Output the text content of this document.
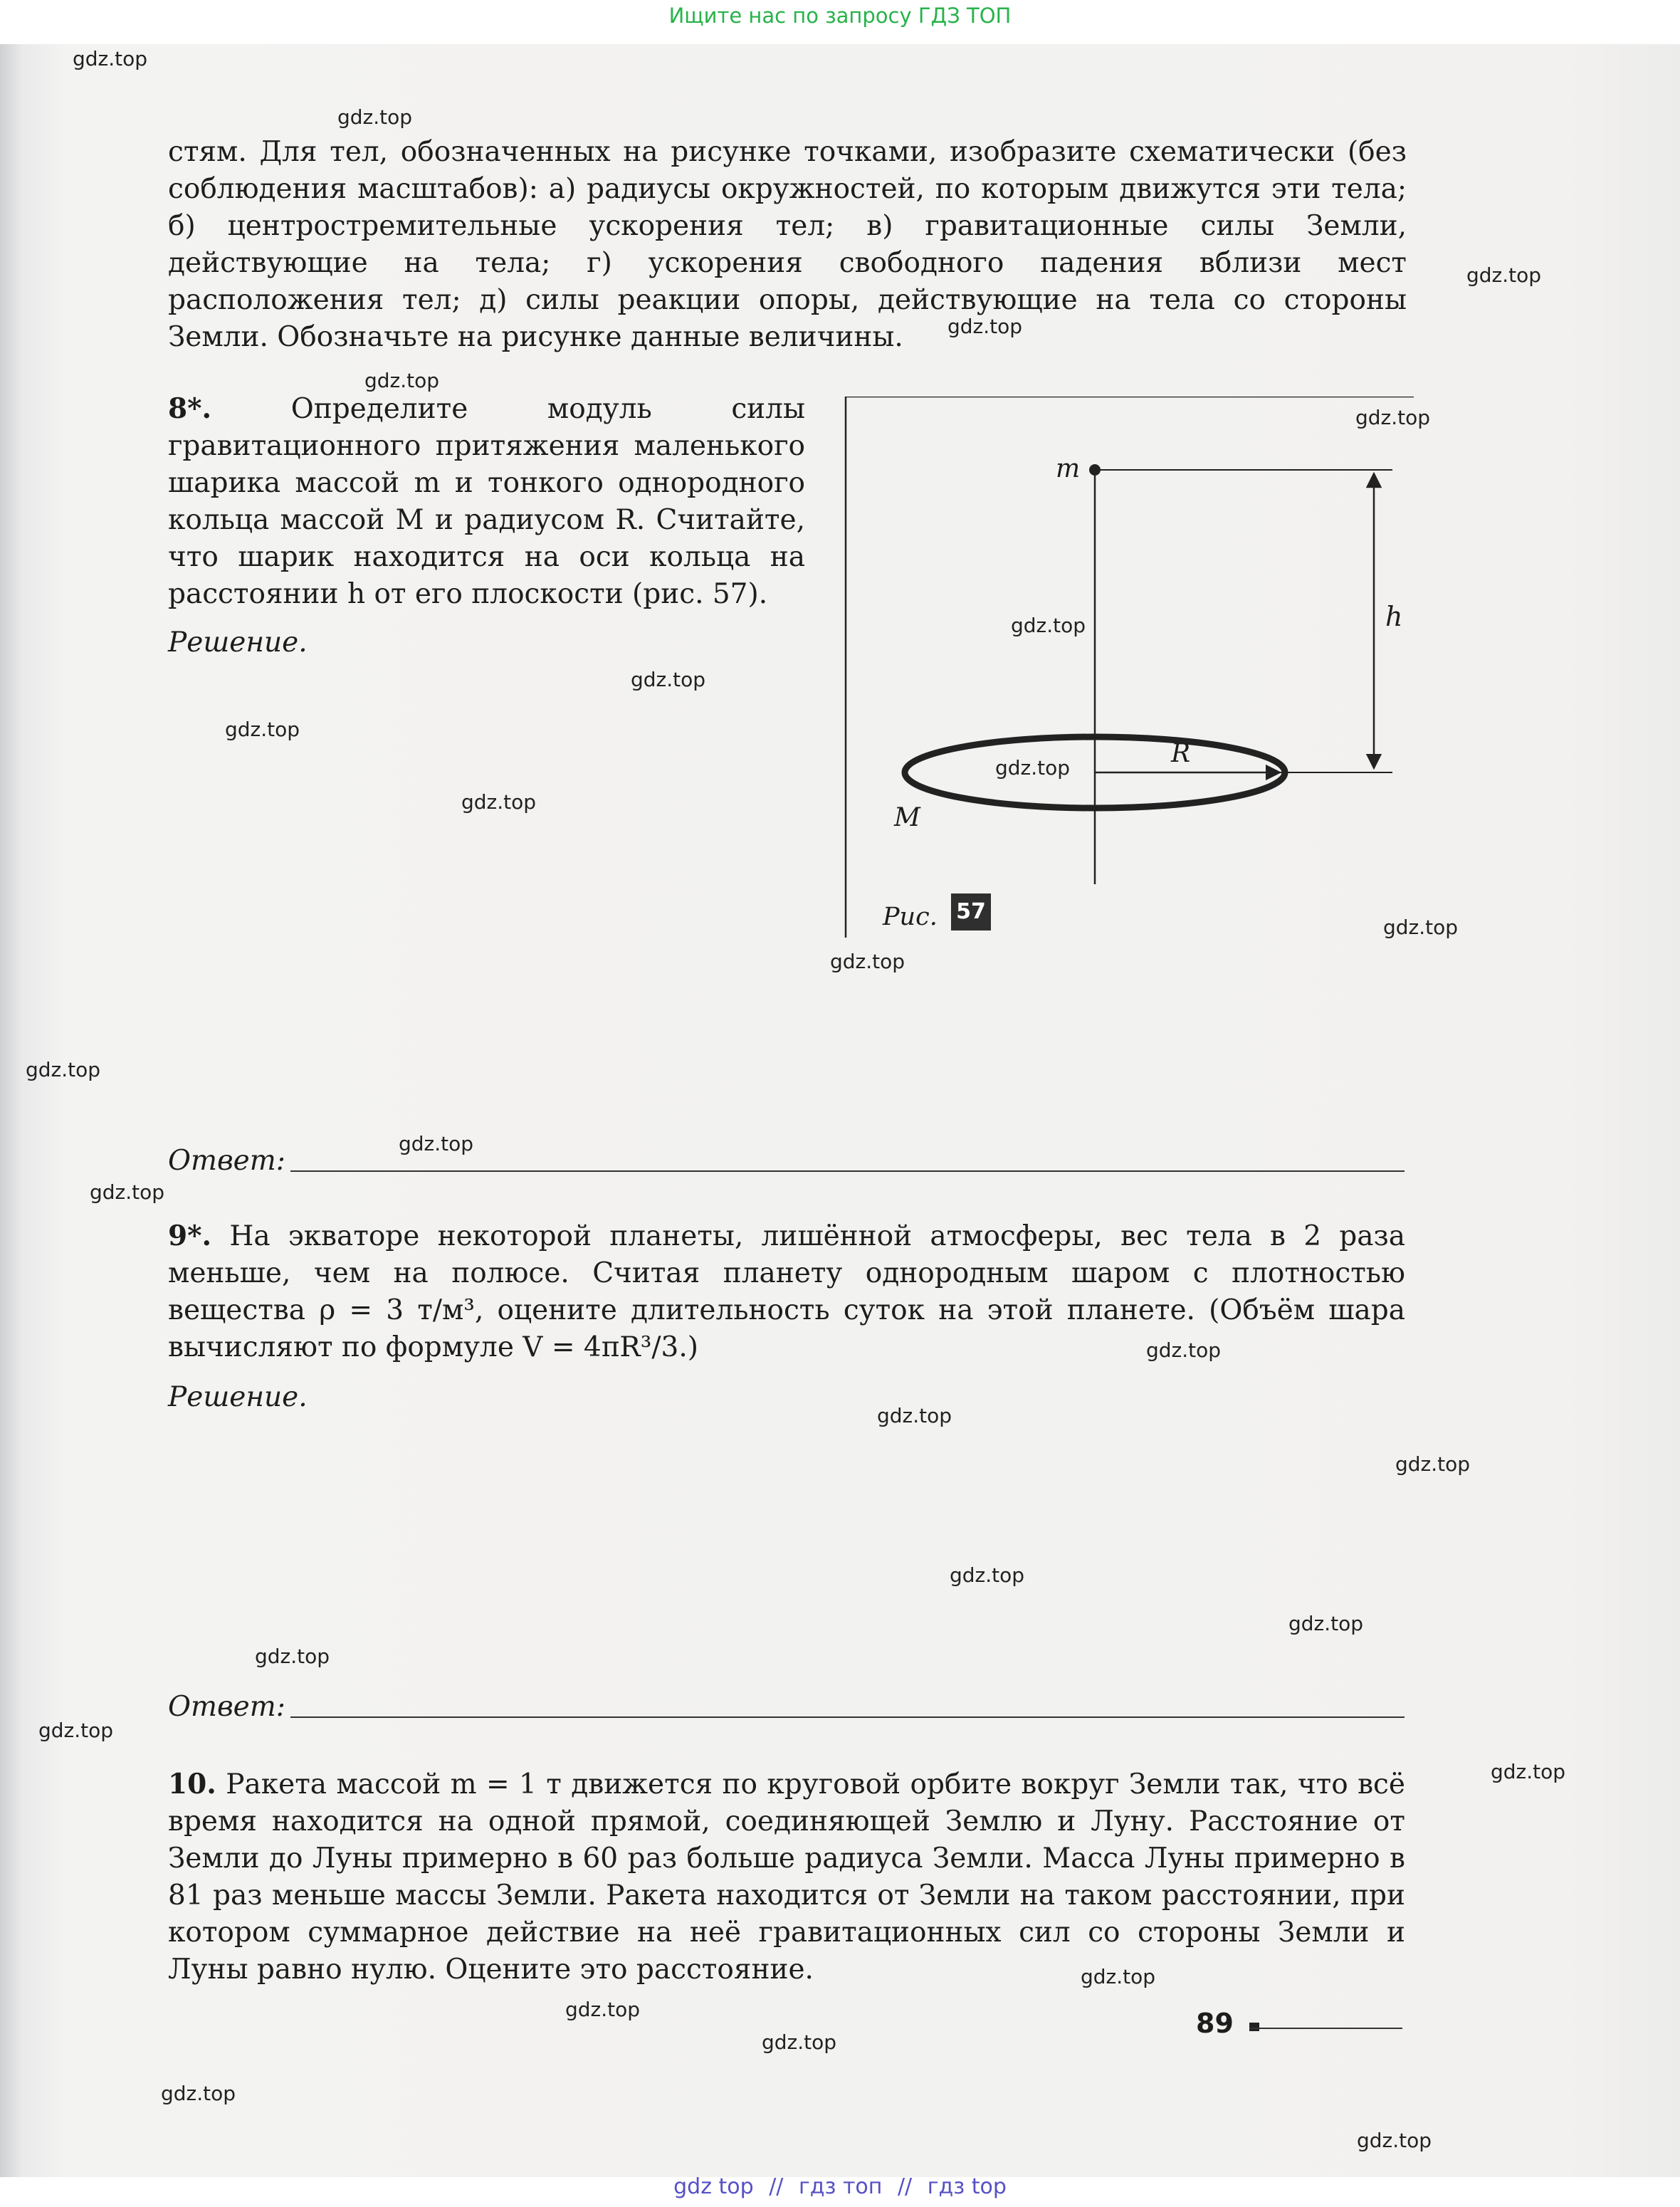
Ищите нас по запросу ГДЗ ТОП

стям. Для тел, обозначенных на рисунке точками, изобразите схематически (без соблюдения масштабов): а) радиусы окружностей, по которым движутся эти тела; б) центростремительные ускорения тел; в) гравитационные силы Земли, действующие на тела; г) ускорения свободного падения вблизи мест расположения тел; д) силы реакции опоры, действующие на тела со стороны Земли. Обозначьте на рисунке данные величины.

8*.	Определите модуль силы гравитационного притяжения маленького шарика массой m и тонкого однородного кольца массой M и радиусом R. Считайте, что шарик находится на оси кольца на расстоянии h от его плоскости (рис. 57).

Решение.
m
h
R
M
Рис. 57
Ответ:

9*. На экваторе некоторой планеты, лишённой атмосферы, вес тела в 2 раза меньше, чем на полюсе. Считая планету однородным шаром с плотностью вещества ρ = 3 т/м³, оцените длительность суток на этой планете. (Объём шара вычисляют по формуле V = 4πR³/3.)

Решение.
Ответ:

10. Ракета массой m = 1 т движется по круговой орбите вокруг Земли так, что всё время находится на одной прямой, соединяющей Землю и Луну. Расстояние от Земли до Луны примерно в 60 раз больше радиуса Земли. Масса Луны примерно в 81 раз меньше массы Земли. Ракета находится от Земли на таком расстоянии, при котором суммарное действие на неё гравитационных сил со стороны Земли и Луны равно нулю. Оцените это расстояние.

89
gdz.top
gdz.top
gdz.top
gdz.top
gdz.top
gdz.top
gdz.top
gdz.top
gdz.top
gdz.top
gdz.top
gdz.top
gdz.top
gdz.top
gdz.top
gdz.top
gdz.top
gdz.top
gdz.top
gdz.top
gdz.top
gdz.top
gdz.top
gdz.top
gdz.top
gdz.top
gdz.top
gdz.top
gdz.top
gdz top // гдз топ // гдз top
